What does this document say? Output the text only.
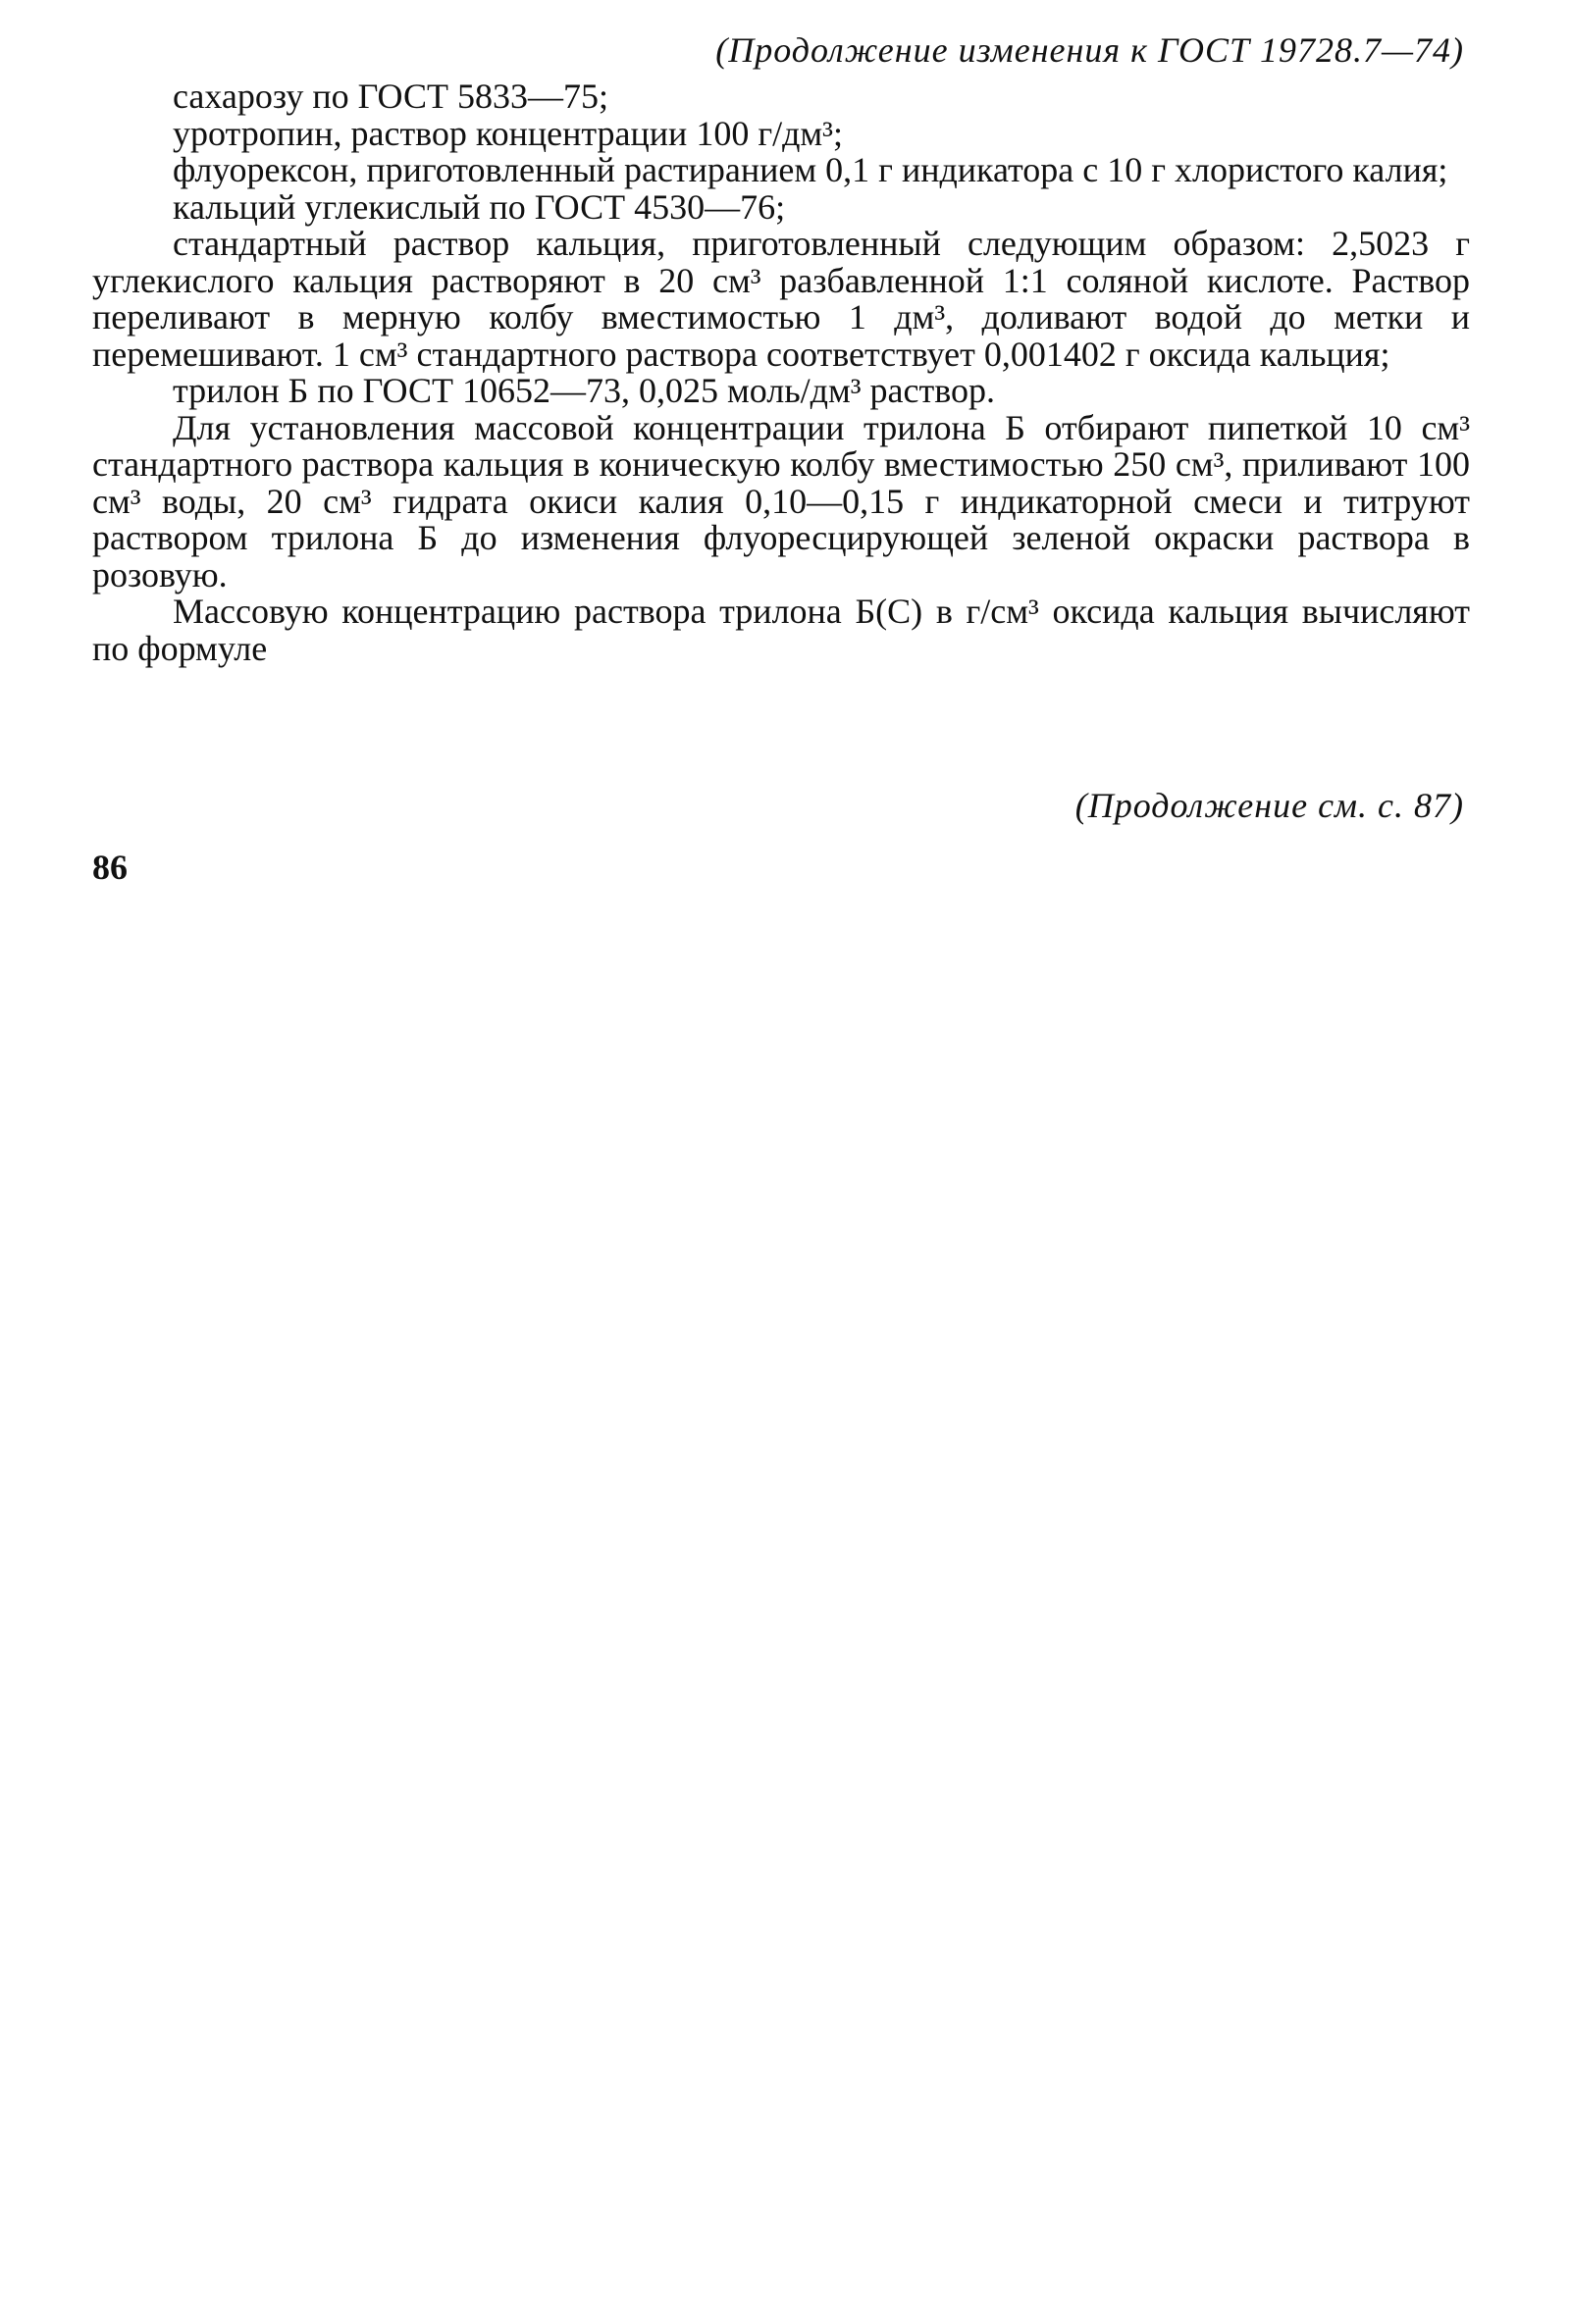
(Продолжение изменения к ГОСТ 19728.7—74)

сахарозу по ГОСТ 5833—75;

уротропин, раствор концентрации 100 г/дм³;

флуорексон, приготовленный растиранием 0,1 г индикатора с 10 г хлористого калия;

кальций углекислый по ГОСТ 4530—76;

стандартный раствор кальция, приготовленный следующим образом: 2,5023 г углекислого кальция растворяют в 20 см³ разбавленной 1:1 соляной кислоте. Раствор переливают в мерную колбу вместимостью 1 дм³, доливают водой до метки и перемешивают. 1 см³ стандартного раствора соответствует 0,001402 г оксида кальция;

трилон Б по ГОСТ 10652—73, 0,025 моль/дм³ раствор.

Для установления массовой концентрации трилона Б отбирают пипеткой 10 см³ стандартного раствора кальция в коническую колбу вместимостью 250 см³, приливают 100 см³ воды, 20 см³ гидрата окиси калия 0,10—0,15 г индикаторной смеси и титруют раствором трилона Б до изменения флуоресцирующей зеленой окраски раствора в розовую.

Массовую концентрацию раствора трилона Б(C) в г/см³ оксида кальция вычисляют по формуле

(Продолжение см. с. 87)
86
